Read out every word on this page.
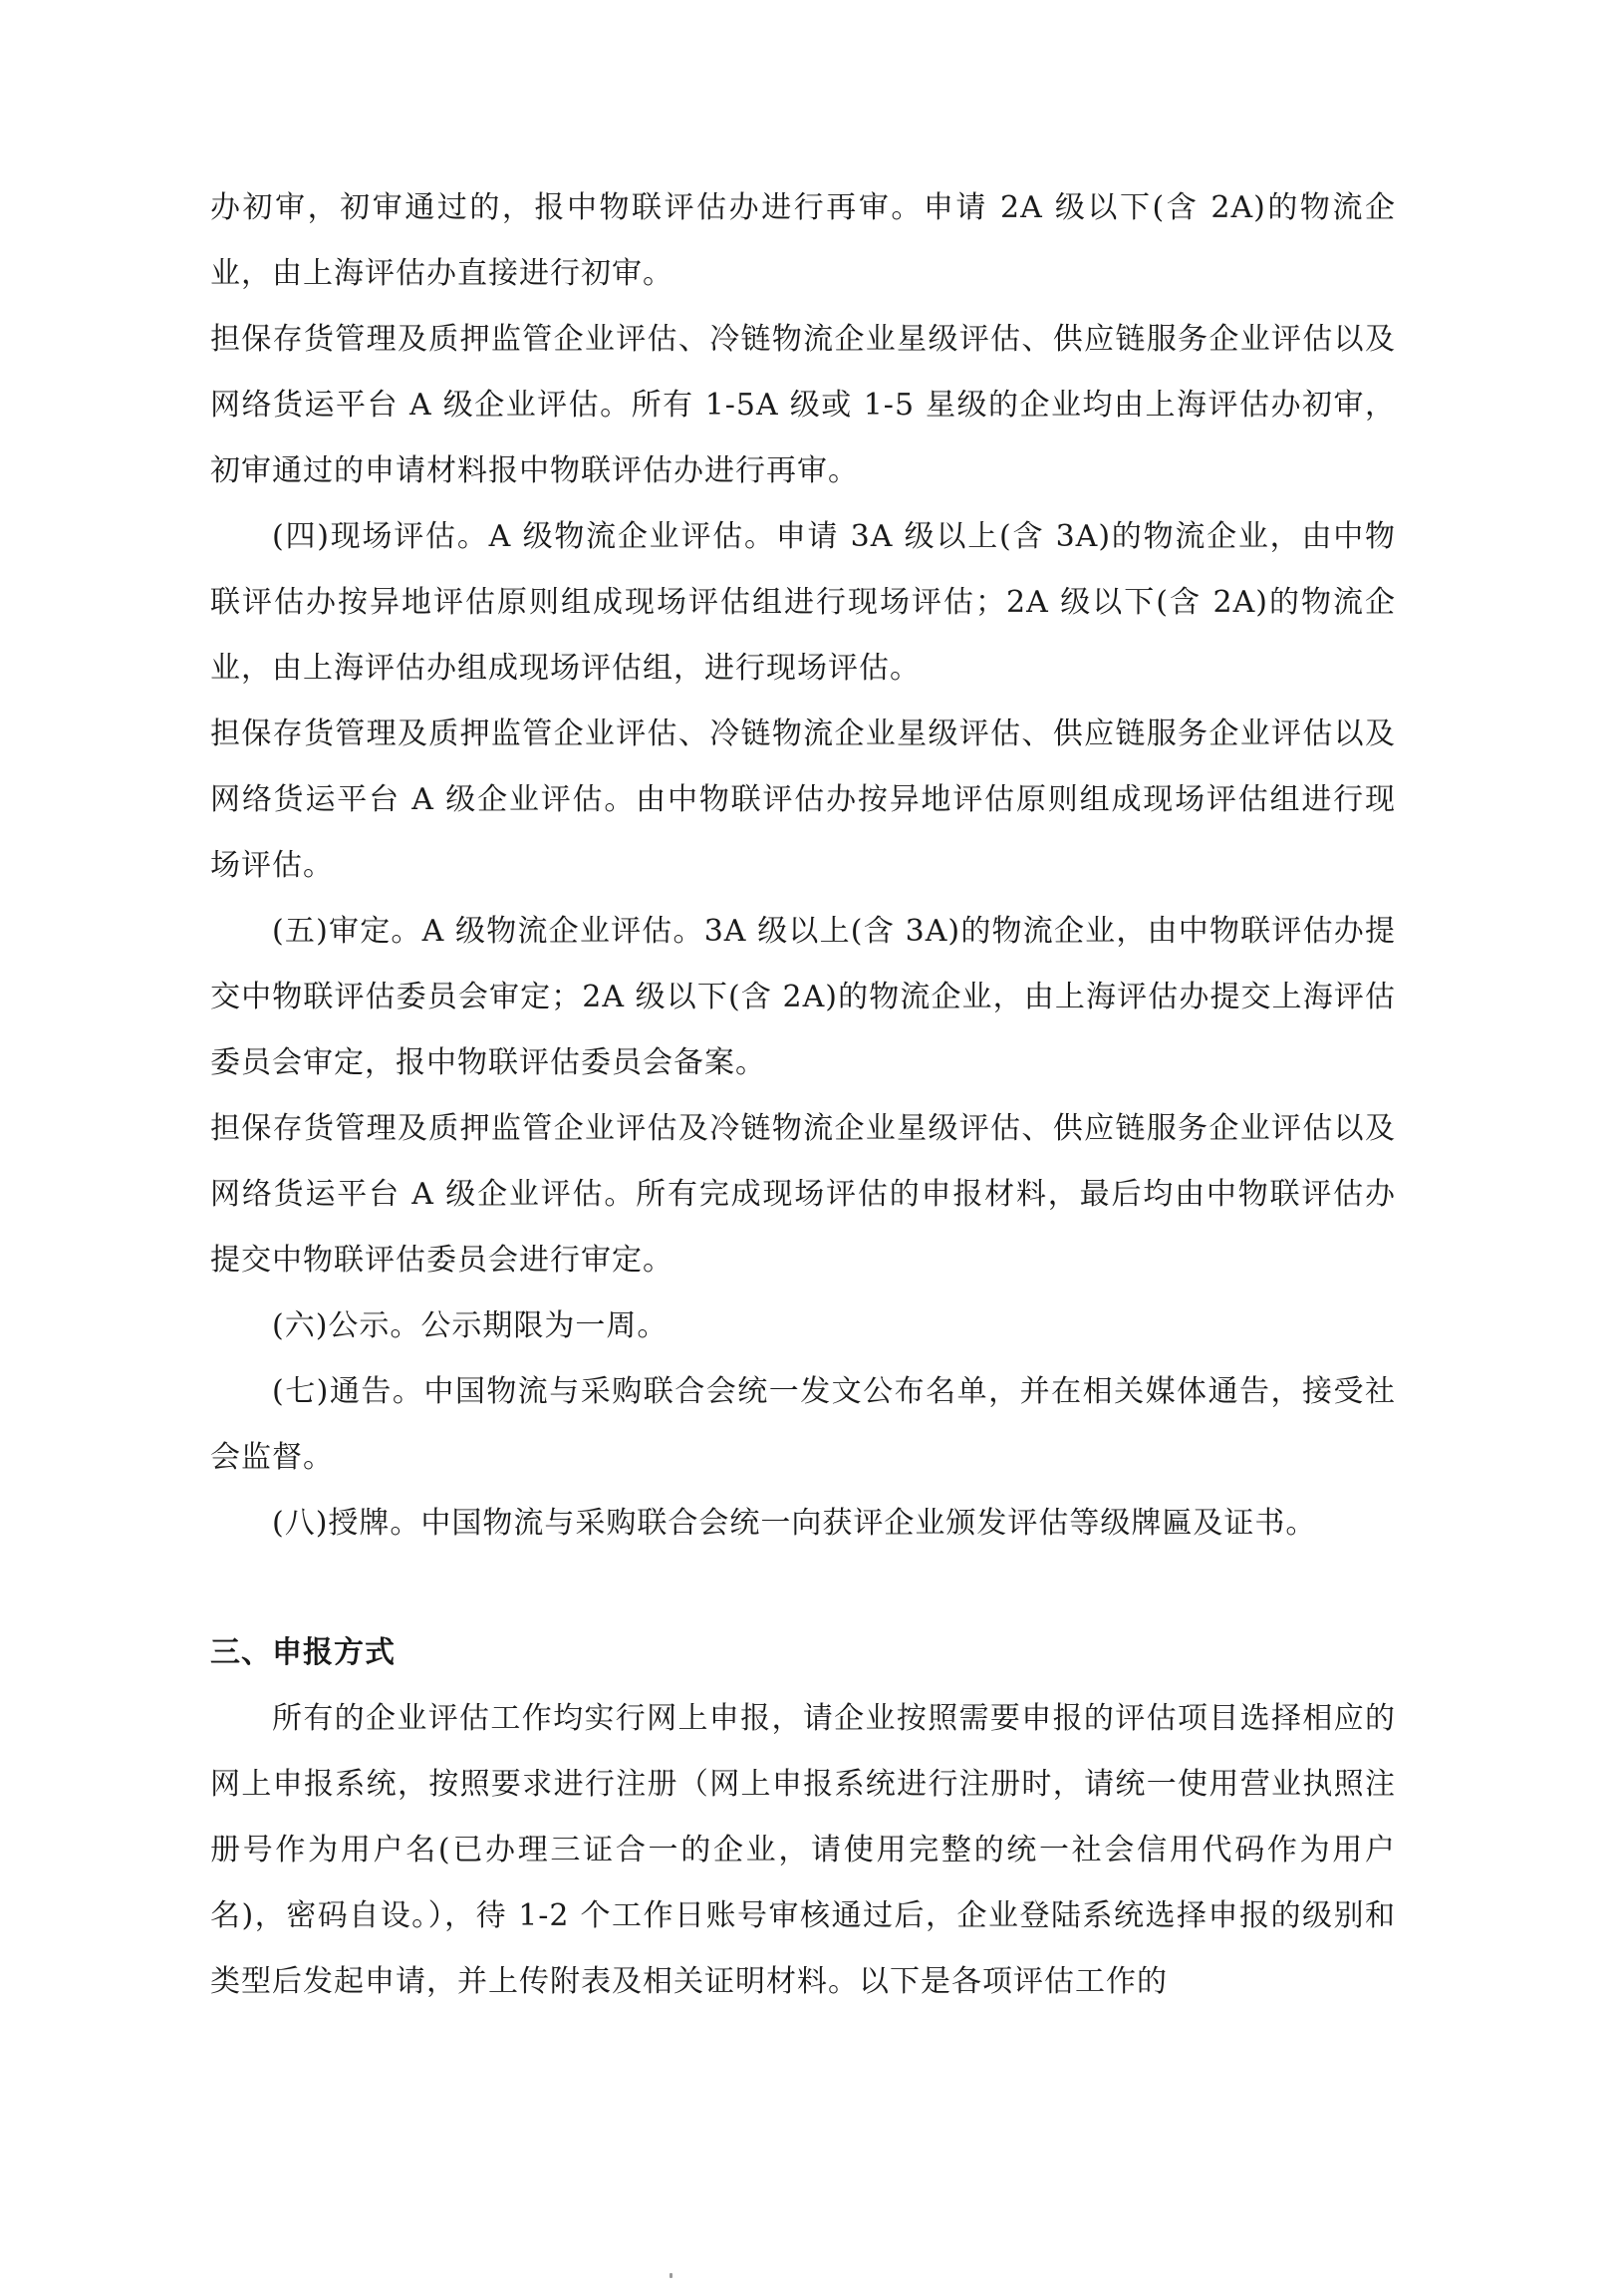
办初审，初审通过的，报中物联评估办进行再审。申请 2A 级以下(含 2A)的物流企业，由上海评估办直接进行初审。

担保存货管理及质押监管企业评估、冷链物流企业星级评估、供应链服务企业评估以及网络货运平台 A 级企业评估。所有 1-5A 级或 1-5 星级的企业均由上海评估办初审，初审通过的申请材料报中物联评估办进行再审。

(四)现场评估。A 级物流企业评估。申请 3A 级以上(含 3A)的物流企业，由中物联评估办按异地评估原则组成现场评估组进行现场评估；2A 级以下(含 2A)的物流企业，由上海评估办组成现场评估组，进行现场评估。

担保存货管理及质押监管企业评估、冷链物流企业星级评估、供应链服务企业评估以及网络货运平台 A 级企业评估。由中物联评估办按异地评估原则组成现场评估组进行现场评估。

(五)审定。A 级物流企业评估。3A 级以上(含 3A)的物流企业，由中物联评估办提交中物联评估委员会审定；2A 级以下(含 2A)的物流企业，由上海评估办提交上海评估委员会审定，报中物联评估委员会备案。

担保存货管理及质押监管企业评估及冷链物流企业星级评估、供应链服务企业评估以及网络货运平台 A 级企业评估。所有完成现场评估的申报材料，最后均由中物联评估办提交中物联评估委员会进行审定。

(六)公示。公示期限为一周。

(七)通告。中国物流与采购联合会统一发文公布名单，并在相关媒体通告，接受社会监督。

(八)授牌。中国物流与采购联合会统一向获评企业颁发评估等级牌匾及证书。

三、申报方式

所有的企业评估工作均实行网上申报，请企业按照需要申报的评估项目选择相应的网上申报系统，按照要求进行注册（网上申报系统进行注册时，请统一使用营业执照注册号作为用户名(已办理三证合一的企业，请使用完整的统一社会信用代码作为用户名)，密码自设。），待 1-2 个工作日账号审核通过后，企业登陆系统选择申报的级别和类型后发起申请，并上传附表及相关证明材料。以下是各项评估工作的
